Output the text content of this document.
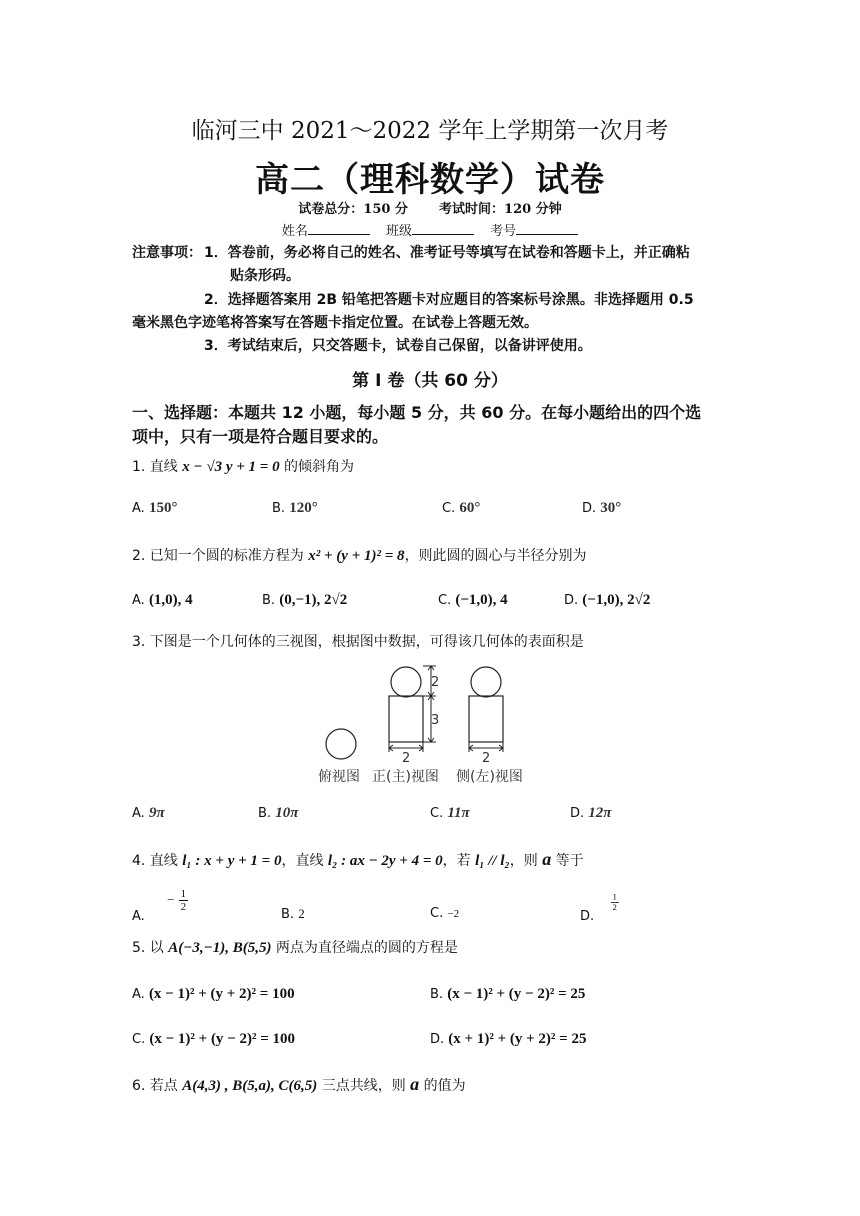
临河三中 2021～2022 学年上学期第一次月考
高二（理科数学）试卷
试卷总分：150 分 考试时间：120 分钟
姓名	班级	考号
注意事项： 1．答卷前，务必将自己的姓名、准考证号等填写在试卷和答题卡上，并正确粘
贴条形码。
2．选择题答案用 2B 铅笔把答题卡对应题目的答案标号涂黑。非选择题用 0.5
毫米黑色字迹笔将答案写在答题卡指定位置。在试卷上答题无效。
3．考试结束后，只交答题卡，试卷自己保留，以备讲评使用。
第 Ⅰ 卷（共 60 分）
一、选择题：本题共 12 小题，每小题 5 分，共 60 分。在每小题给出的四个选
项中，只有一项是符合题目要求的。
1. 直线 x − √3 y + 1 = 0 的倾斜角为
A. 150°	B. 120°	C. 60°	D. 30°
2. 已知一个圆的标准方程为 x² + (y + 1)² = 8，则此圆的圆心与半径分别为
A. (1,0), 4	B. (0,−1), 2√2	C. (−1,0), 4	D. (−1,0), 2√2
3. 下图是一个几何体的三视图，根据图中数据，可得该几何体的表面积是
2
3
2	2
俯视图 正(主)视图 侧(左)视图
A. 9π	B. 10π	C. 11π	D. 12π
4. 直线 l₁ : x + y + 1 = 0，直线 l₂ : ax − 2y + 4 = 0，若 l₁ // l₂，则 a 等于
A.  − $\frac{1}{2}$
B. 2	C. −2	D.
$\frac{1}{2}$
5. 以 A(−3,−1), B(5,5) 两点为直径端点的圆的方程是
A. (x − 1)² + (y + 2)² = 100	B. (x − 1)² + (y − 2)² = 25
C. (x − 1)² + (y − 2)² = 100	D. (x + 1)² + (y + 2)² = 25
6. 若点 A(4,3) , B(5,a), C(6,5) 三点共线，则 a 的值为
